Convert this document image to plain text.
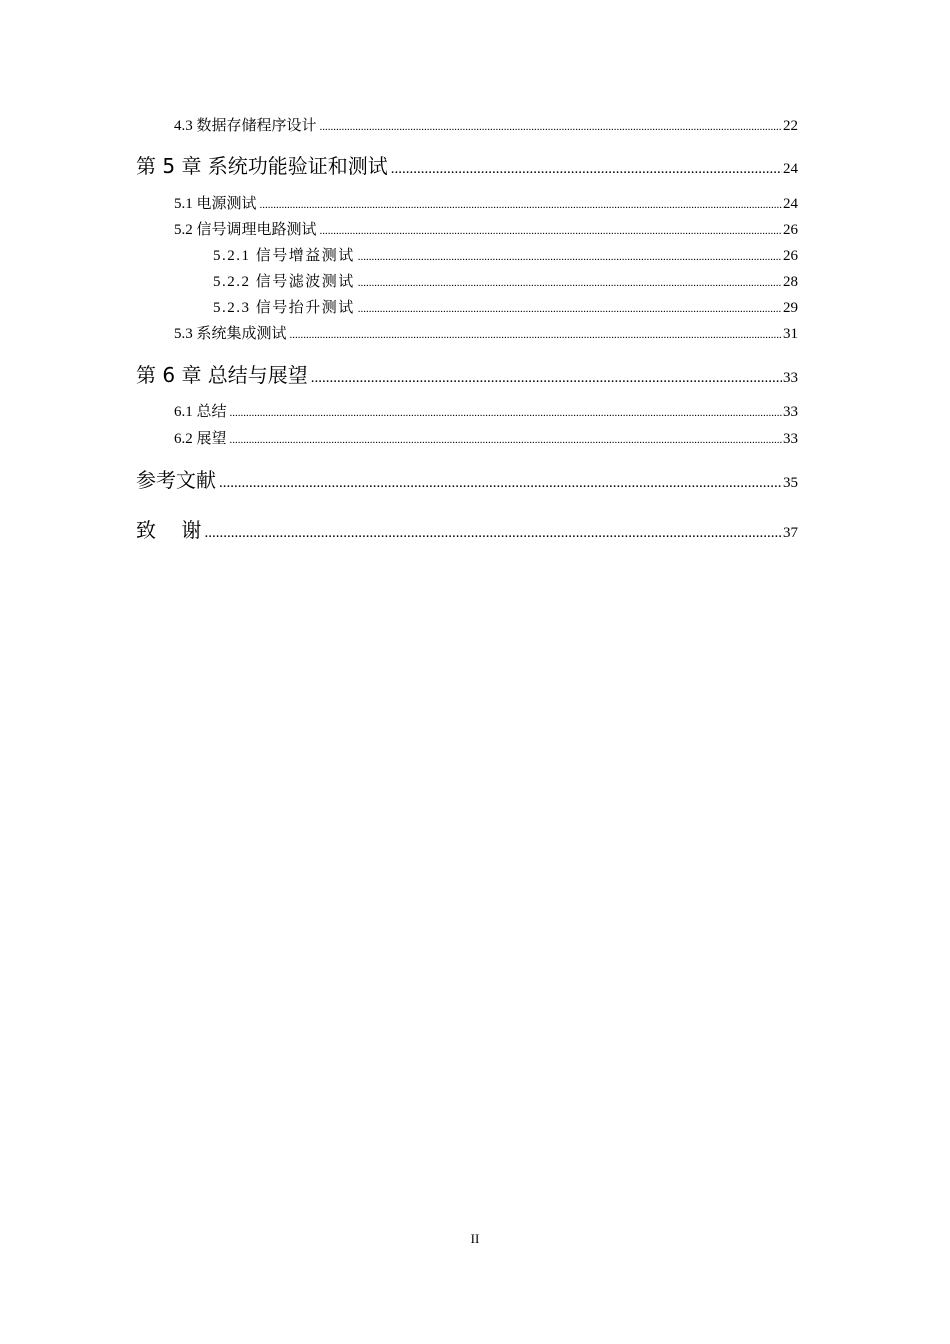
4.3 数据存储程序设计 .....	22
第 5 章 系统功能验证和测试 .....	24
5.1 电源测试 .....	24
5.2 信号调理电路测试 .....	26
5.2.1 信号增益测试 .....	26
5.2.2 信号滤波测试 .....	28
5.2.3 信号抬升测试 .....	29
5.3 系统集成测试 .....	31
第 6 章 总结与展望 .....	33
6.1 总结 .....	33
6.2 展望 .....	33
参考文献 .....	35
致    谢 .....	37
II
